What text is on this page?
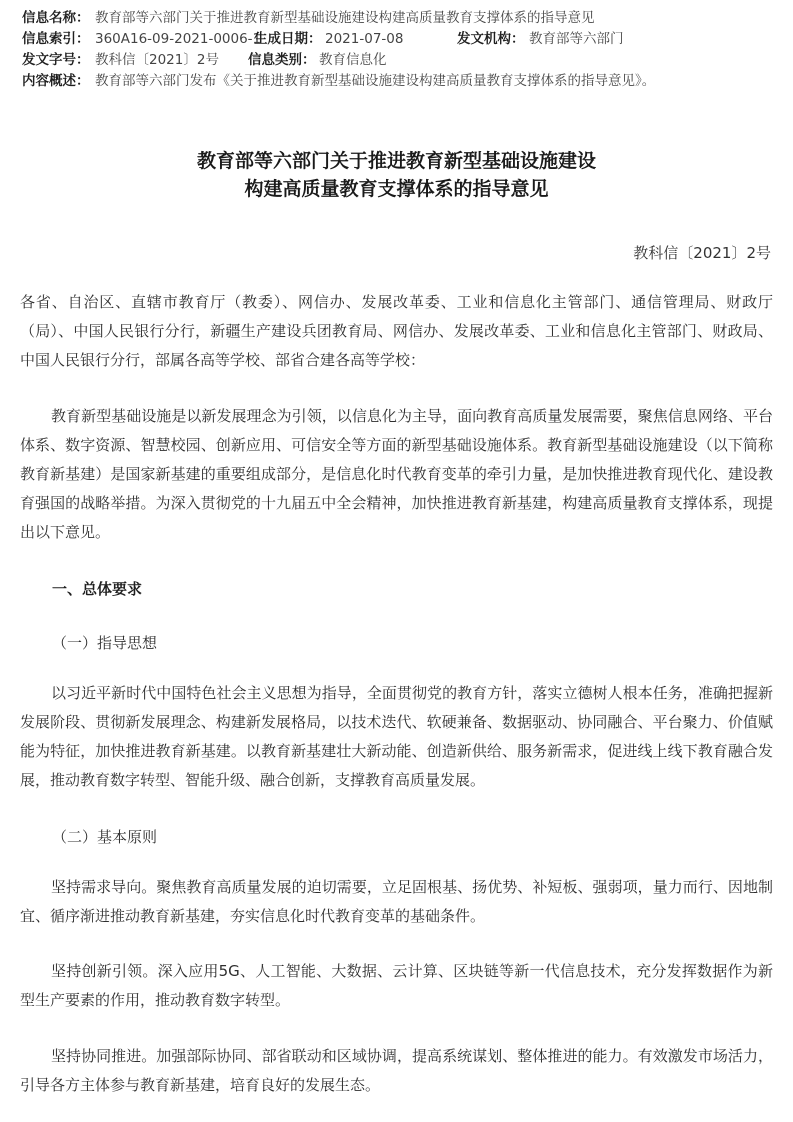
信息名称： 教育部等六部门关于推进教育新型基础设施建设构建高质量教育支撑体系的指导意见
信息索引： 360A16-09-2021-0006-1
生成日期： 2021-07-08	发文机构： 教育部等六部门
发文字号： 教科信〔2021〕2号 信息类别： 教育信息化
内容概述： 教育部等六部门发布《关于推进教育新型基础设施建设构建高质量教育支撑体系的指导意见》。
教育部等六部门关于推进教育新型基础设施建设
构建高质量教育支撑体系的指导意见
教科信〔2021〕2号
各省、自治区、直辖市教育厅（教委）、网信办、发展改革委、工业和信息化主管部门、通信管理局、财政厅（局）、中国人民银行分行，新疆生产建设兵团教育局、网信办、发展改革委、工业和信息化主管部门、财政局、中国人民银行分行，部属各高等学校、部省合建各高等学校：
教育新型基础设施是以新发展理念为引领，以信息化为主导，面向教育高质量发展需要，聚焦信息网络、平台体系、数字资源、智慧校园、创新应用、可信安全等方面的新型基础设施体系。教育新型基础设施建设（以下简称教育新基建）是国家新基建的重要组成部分，是信息化时代教育变革的牵引力量，是加快推进教育现代化、建设教育强国的战略举措。为深入贯彻党的十九届五中全会精神，加快推进教育新基建，构建高质量教育支撑体系，现提出以下意见。
一、总体要求
（一）指导思想
以习近平新时代中国特色社会主义思想为指导，全面贯彻党的教育方针，落实立德树人根本任务，准确把握新发展阶段、贯彻新发展理念、构建新发展格局，以技术迭代、软硬兼备、数据驱动、协同融合、平台聚力、价值赋能为特征，加快推进教育新基建。以教育新基建壮大新动能、创造新供给、服务新需求，促进线上线下教育融合发展，推动教育数字转型、智能升级、融合创新，支撑教育高质量发展。
（二）基本原则
坚持需求导向。聚焦教育高质量发展的迫切需要，立足固根基、扬优势、补短板、强弱项，量力而行、因地制宜、循序渐进推动教育新基建，夯实信息化时代教育变革的基础条件。
坚持创新引领。深入应用5G、人工智能、大数据、云计算、区块链等新一代信息技术，充分发挥数据作为新型生产要素的作用，推动教育数字转型。
坚持协同推进。加强部际协同、部省联动和区域协调，提高系统谋划、整体推进的能力。有效激发市场活力，引导各方主体参与教育新基建，培育良好的发展生态。
